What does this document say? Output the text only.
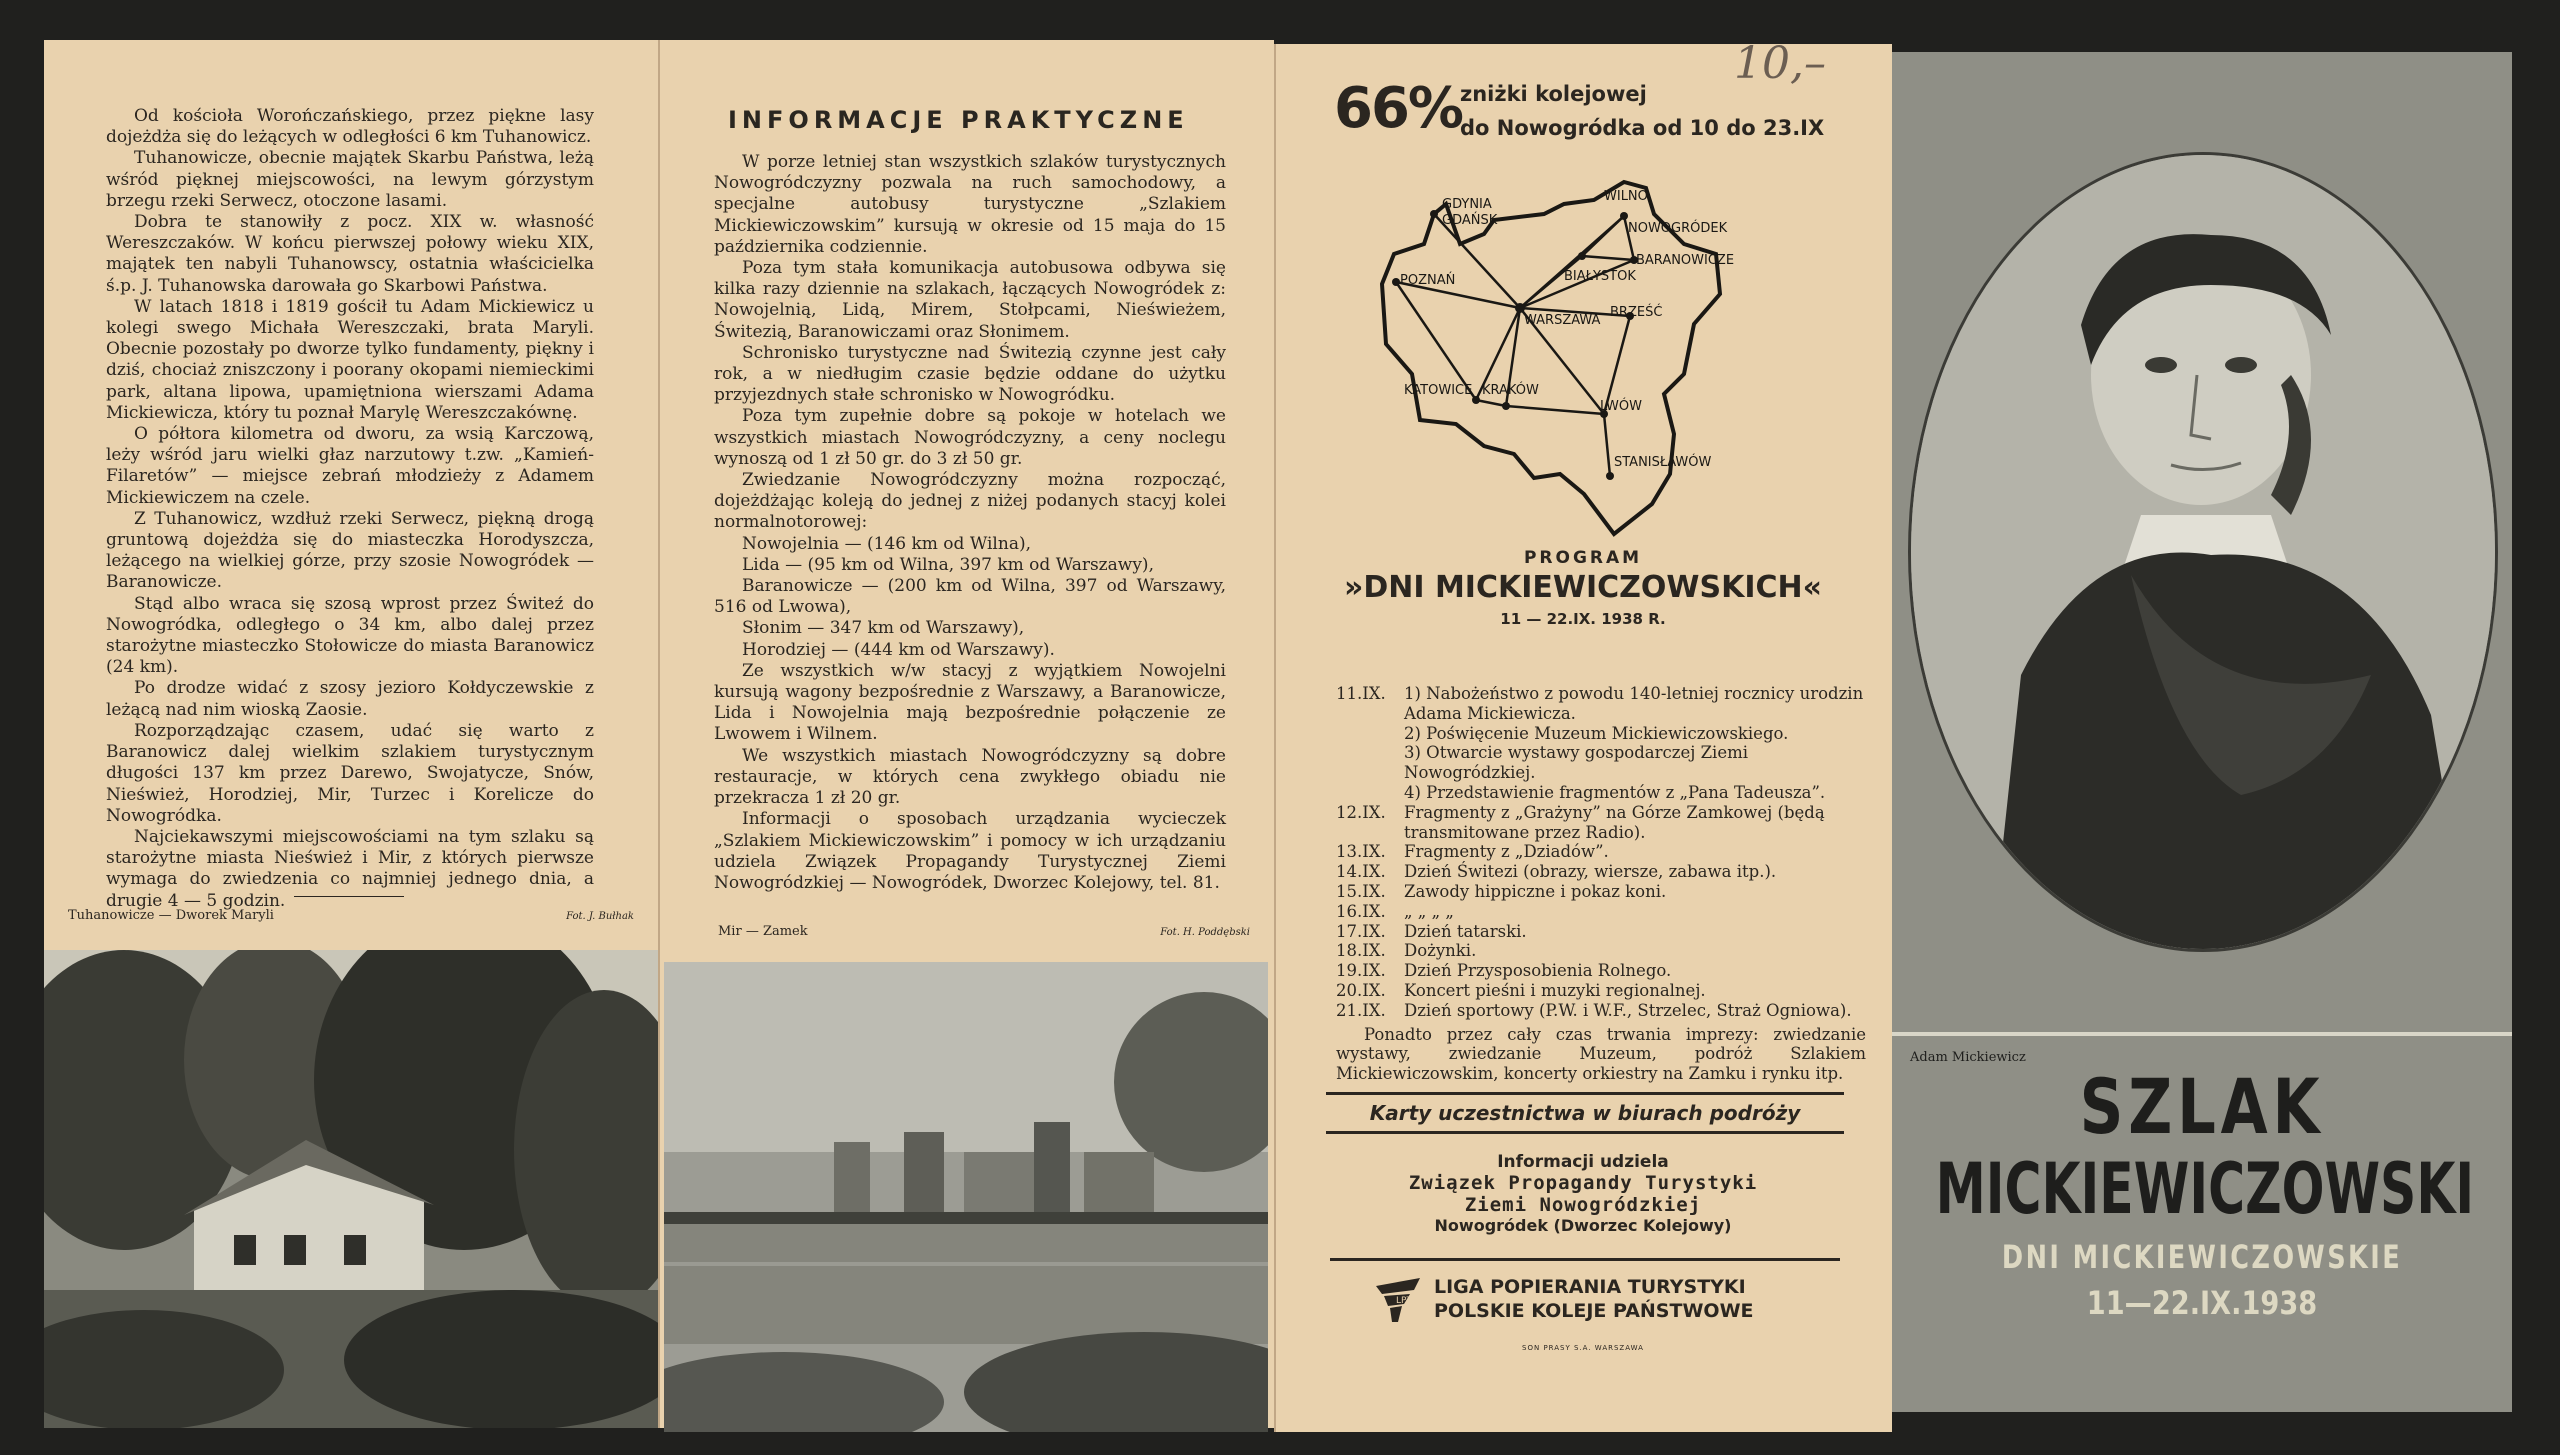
Od kościoła Worończańskiego, przez piękne lasy dojeżdża się do leżących w odległości 6 km Tuhanowicz.

Tuhanowicze, obecnie majątek Skarbu Państwa, leżą wśród pięknej miejscowości, na lewym górzystym brzegu rzeki Serwecz, otoczone lasami.

Dobra te stanowiły z pocz. XIX w. własność Wereszczaków. W końcu pierwszej połowy wieku XIX, majątek ten nabyli Tuhanowscy, ostatnia właścicielka ś.p. J. Tuhanowska darowała go Skarbowi Państwa.

W latach 1818 i 1819 gościł tu Adam Mickiewicz u kolegi swego Michała Wereszczaki, brata Maryli. Obecnie pozostały po dworze tylko fundamenty, piękny i dziś, chociaż zniszczony i poorany okopami niemieckimi park, altana lipowa, upamiętniona wierszami Adama Mickiewicza, który tu poznał Marylę Wereszczakównę.

O półtora kilometra od dworu, za wsią Karczową, leży wśród jaru wielki głaz narzutowy t.zw. „Kamień-Filaretów” — miejsce zebrań młodzieży z Adamem Mickiewiczem na czele.

Z Tuhanowicz, wzdłuż rzeki Serwecz, piękną drogą gruntową dojeżdża się do miasteczka Horodyszcza, leżącego na wielkiej górze, przy szosie Nowogródek — Baranowicze.

Stąd albo wraca się szosą wprost przez Świteź do Nowogródka, odległego o 34 km, albo dalej przez starożytne miasteczko Stołowicze do miasta Baranowicz (24 km).

Po drodze widać z szosy jezioro Kołdyczewskie z leżącą nad nim wioską Zaosie.

Rozporządzając czasem, udać się warto z Baranowicz dalej wielkim szlakiem turystycznym długości 137 km przez Darewo, Swojatycze, Snów, Nieśwież, Horodziej, Mir, Turzec i Korelicze do Nowogródka.

Najciekawszymi miejscowościami na tym szlaku są starożytne miasta Nieśwież i Mir, z których pierwsze wymaga do zwiedzenia co najmniej jednego dnia, a drugie 4 — 5 godzin.

Tuhanowicze — Dworek Maryli	Fot. J. Bułhak
INFORMACJE PRAKTYCZNE

W porze letniej stan wszystkich szlaków turystycznych Nowogródczyzny pozwala na ruch samochodowy, a specjalne autobusy turystyczne „Szlakiem Mickiewiczowskim” kursują w okresie od 15 maja do 15 października codziennie.

Poza tym stała komunikacja autobusowa odbywa się kilka razy dziennie na szlakach, łączących Nowogródek z: Nowojelnią, Lidą, Mirem, Stołpcami, Nieświeżem, Świtezią, Baranowiczami oraz Słonimem.

Schronisko turystyczne nad Świtezią czynne jest cały rok, a w niedługim czasie będzie oddane do użytku przyjezdnych stałe schronisko w Nowogródku.

Poza tym zupełnie dobre są pokoje w hotelach we wszystkich miastach Nowogródczyzny, a ceny noclegu wynoszą od 1 zł 50 gr. do 3 zł 50 gr.

Zwiedzanie Nowogródczyzny można rozpocząć, dojeżdżając koleją do jednej z niżej podanych stacyj kolei normalnotorowej:

Nowojelnia — (146 km od Wilna),

Lida — (95 km od Wilna, 397 km od Warszawy),

Baranowicze — (200 km od Wilna, 397 od Warszawy, 516 od Lwowa),

Słonim — 347 km od Warszawy),

Horodziej — (444 km od Warszawy).

Ze wszystkich w/w stacyj z wyjątkiem Nowojelni kursują wagony bezpośrednie z Warszawy, a Baranowicze, Lida i Nowojelnia mają bezpośrednie połączenie ze Lwowem i Wilnem.

We wszystkich miastach Nowogródczyzny są dobre restauracje, w których cena zwykłego obiadu nie przekracza 1 zł 20 gr.

Informacji o sposobach urządzania wycieczek „Szlakiem Mickiewiczowskim” i pomocy w ich urządzaniu udziela Związek Propagandy Turystycznej Ziemi Nowogródzkiej — Nowogródek, Dworzec Kolejowy, tel. 81.

Mir — Zamek	Fot. H. Poddębski
66%
zniżki kolejowej
do Nowogródka od 10 do 23.IX
10,–
GDYNIA
GDAŃSK
WILNO
NOWOGRÓDEK
BARANOWICZE
BIAŁYSTOK
POZNAŃ
WARSZAWA
BRZEŚĆ
KATOWICE KRAKÓW
LWÓW
STANISŁAWÓW
PROGRAM
»DNI MICKIEWICZOWSKICH«
11 — 22.IX. 1938 R.
11.IX.	1) Nabożeństwo z powodu 140-letniej rocznicy urodzin Adama Mickiewicza.
2) Poświęcenie Muzeum Mickiewiczowskiego.
3) Otwarcie wystawy gospodarczej Ziemi Nowogródzkiej.
4) Przedstawienie fragmentów z „Pana Tadeusza”.
12.IX.	Fragmenty z „Grażyny” na Górze Zamkowej (będą transmitowane przez Radio).
13.IX.	Fragmenty z „Dziadów”.
14.IX.	Dzień Świtezi (obrazy, wiersze, zabawa itp.).
15.IX.	Zawody hippiczne i pokaz koni.
16.IX.	„ „ „ „
17.IX.	Dzień tatarski.
18.IX.	Dożynki.
19.IX.	Dzień Przysposobienia Rolnego.
20.IX.	Koncert pieśni i muzyki regionalnej.
21.IX.	Dzień sportowy (P.W. i W.F., Strzelec, Straż Ogniowa).

Ponadto przez cały czas trwania imprezy: zwiedzanie wystawy, zwiedzanie Muzeum, podróż Szlakiem Mickiewiczowskim, koncerty orkiestry na Zamku i rynku itp.

Karty uczestnictwa w biurach podróży
Informacji udziela
Związek Propagandy Turystyki
Ziemi Nowogródzkiej
Nowogródek (Dworzec Kolejowy)
LPT
LIGA POPIERANIA TURYSTYKI
POLSKIE KOLEJE PAŃSTWOWE
SON PRASY S.A. WARSZAWA
Adam Mickiewicz
SZLAK
MICKIEWICZOWSKI
DNI MICKIEWICZOWSKIE
11—22.IX.1938
